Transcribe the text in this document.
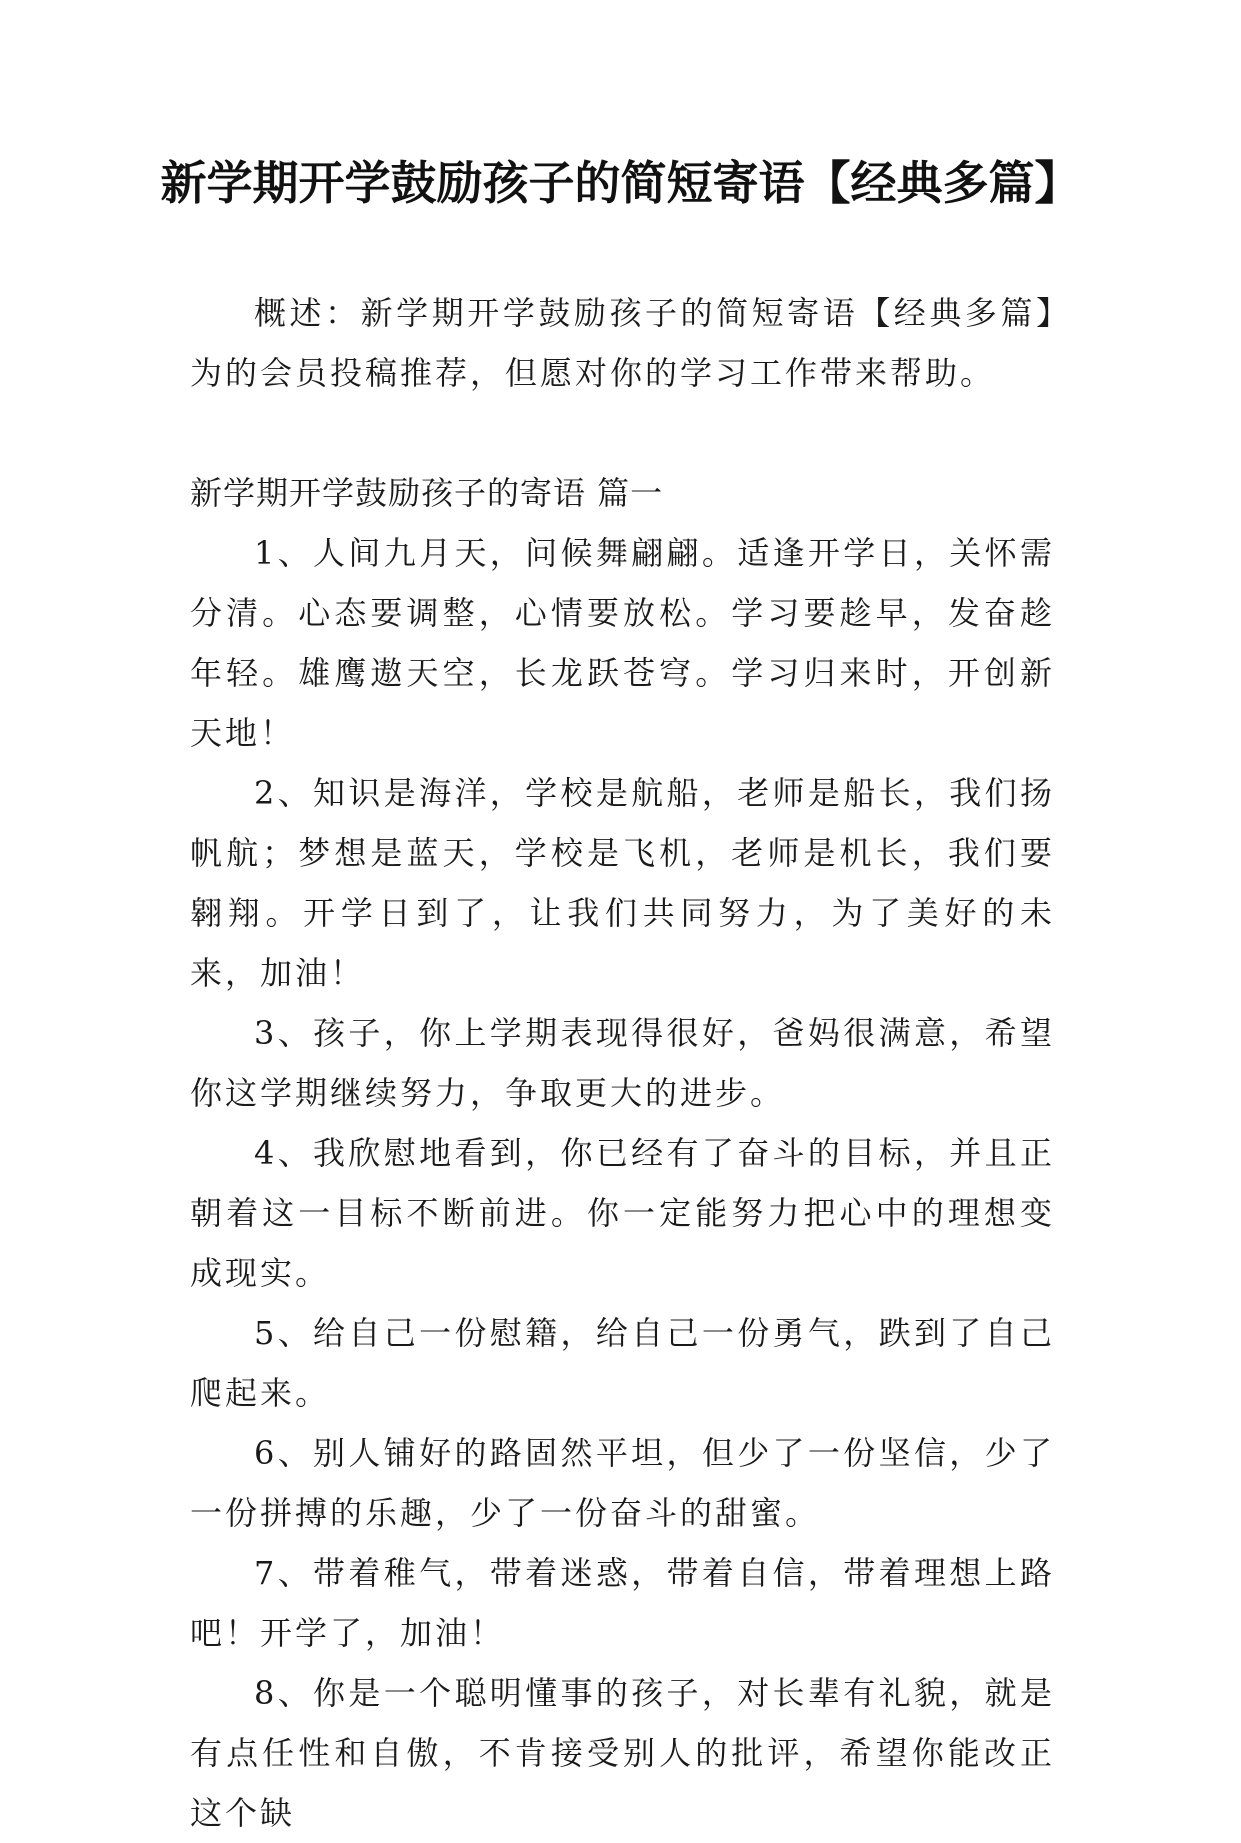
新学期开学鼓励孩子的简短寄语【经典多篇】

概述：新学期开学鼓励孩子的简短寄语【经典多篇】为的会员投稿推荐，但愿对你的学习工作带来帮助。

新学期开学鼓励孩子的寄语 篇一

1、人间九月天，问候舞翩翩。适逢开学日，关怀需分清。心态要调整，心情要放松。学习要趁早，发奋趁年轻。雄鹰遨天空，长龙跃苍穹。学习归来时，开创新天地！

2、知识是海洋，学校是航船，老师是船长，我们扬帆航；梦想是蓝天，学校是飞机，老师是机长，我们要翱翔。开学日到了，让我们共同努力，为了美好的未来，加油！

3、孩子，你上学期表现得很好，爸妈很满意，希望你这学期继续努力，争取更大的进步。

4、我欣慰地看到，你已经有了奋斗的目标，并且正朝着这一目标不断前进。你一定能努力把心中的理想变成现实。

5、给自己一份慰籍，给自己一份勇气，跌到了自己爬起来。

6、别人铺好的路固然平坦，但少了一份坚信，少了一份拼搏的乐趣，少了一份奋斗的甜蜜。

7、带着稚气，带着迷惑，带着自信，带着理想上路吧！开学了，加油！

8、你是一个聪明懂事的孩子，对长辈有礼貌，就是有点任性和自傲，不肯接受别人的批评，希望你能改正这个缺
